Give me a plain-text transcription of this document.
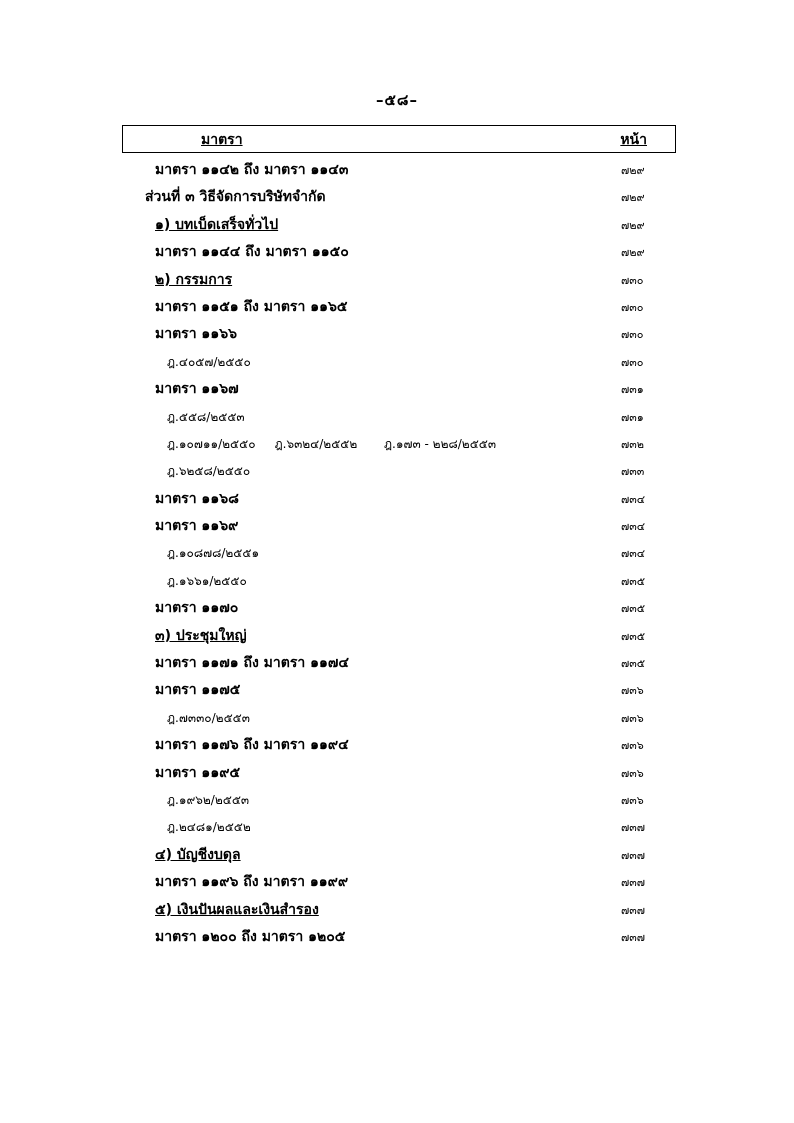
–๕๘–
มาตรา	หน้า
มาตรา ๑๑๔๒ ถึง มาตรา ๑๑๔๓	๗๒๙
ส่วนที่ ๓ วิธีจัดการบริษัทจำกัด	๗๒๙
๑) บทเบ็ดเสร็จทั่วไป	๗๒๙
มาตรา ๑๑๔๔ ถึง มาตรา ๑๑๕๐	๗๒๙
๒) กรรมการ	๗๓๐
มาตรา ๑๑๕๑ ถึง มาตรา ๑๑๖๕	๗๓๐
มาตรา ๑๑๖๖	๗๓๐
ฎ.๔๐๕๗/๒๕๕๐	๗๓๐
มาตรา ๑๑๖๗	๗๓๑
ฎ.๕๕๘/๒๕๕๓	๗๓๑
ฎ.๑๐๗๑๑/๒๕๕๐     ฎ.๖๓๒๔/๒๕๕๒       ฎ.๑๗๓ - ๒๒๘/๒๕๕๓	๗๓๒
ฎ.๖๒๕๘/๒๕๕๐	๗๓๓
มาตรา ๑๑๖๘	๗๓๔
มาตรา ๑๑๖๙	๗๓๔
ฎ.๑๐๘๗๘/๒๕๕๑	๗๓๔
ฎ.๑๖๖๑/๒๕๕๐	๗๓๕
มาตรา ๑๑๗๐	๗๓๕
๓) ประชุมใหญ่	๗๓๕
มาตรา ๑๑๗๑ ถึง มาตรา ๑๑๗๔	๗๓๕
มาตรา ๑๑๗๕	๗๓๖
ฎ.๗๓๓๐/๒๕๕๓	๗๓๖
มาตรา ๑๑๗๖ ถึง มาตรา ๑๑๙๔	๗๓๖
มาตรา ๑๑๙๕	๗๓๖
ฎ.๑๙๖๒/๒๕๕๓	๗๓๖
ฎ.๒๔๘๑/๒๕๕๒	๗๓๗
๔) บัญชีงบดุล	๗๓๗
มาตรา ๑๑๙๖ ถึง มาตรา ๑๑๙๙	๗๓๗
๕) เงินปันผลและเงินสำรอง	๗๓๗
มาตรา ๑๒๐๐ ถึง มาตรา ๑๒๐๕	๗๓๗
